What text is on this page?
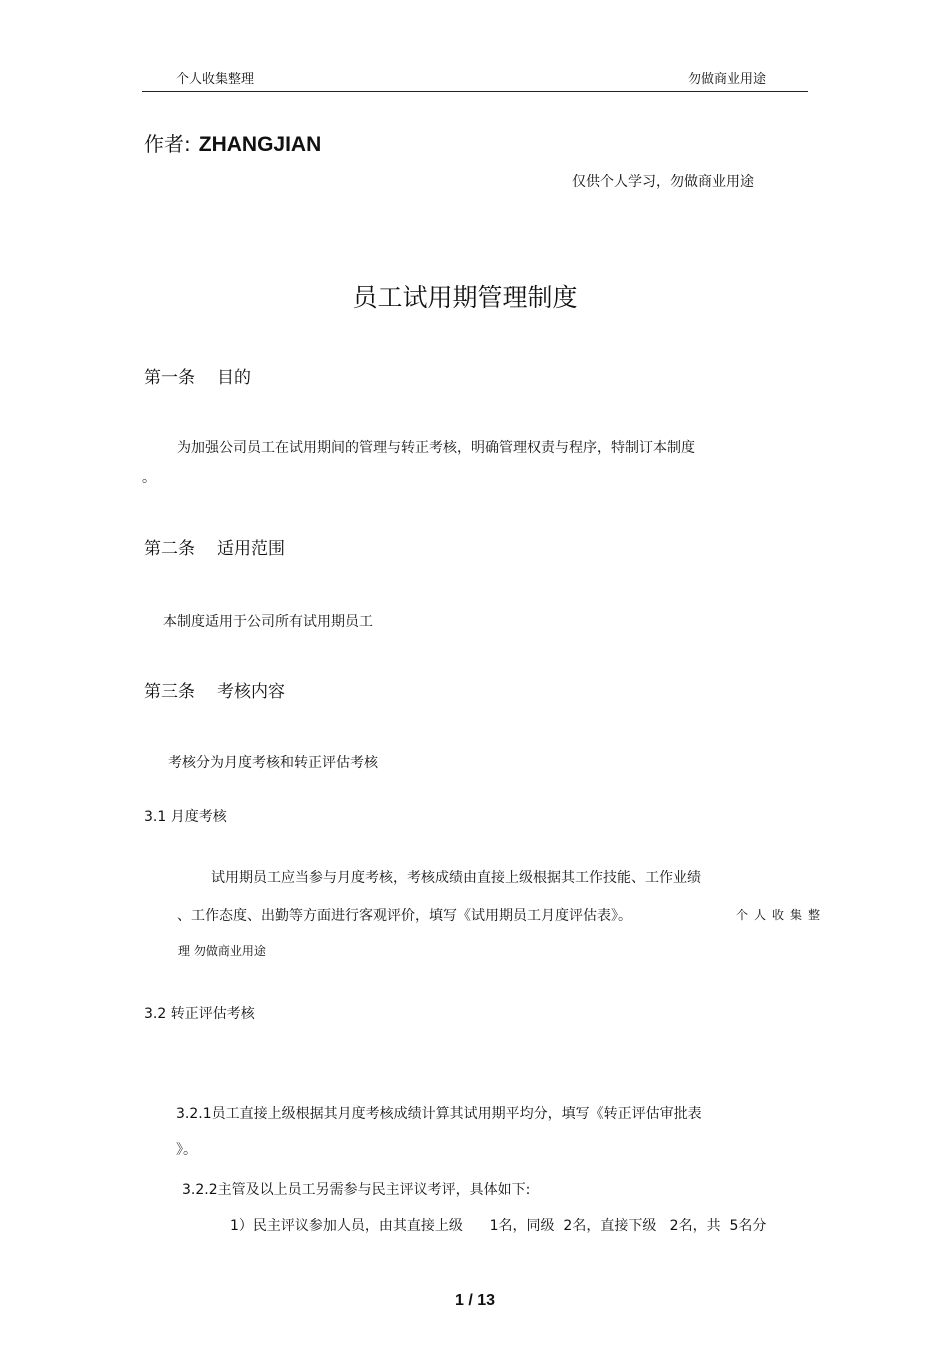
个人收集整理	勿做商业用途
作者: ZHANGJIAN
仅供个人学习，勿做商业用途
员工试用期管理制度
第一条 目的
为加强公司员工在试用期间的管理与转正考核，明确管理权责与程序，特制订本制度
。
第二条 适用范围
本制度适用于公司所有试用期员工
第三条 考核内容
考核分为月度考核和转正评估考核
3.1 月度考核
试用期员工应当参与月度考核，考核成绩由直接上级根据其工作技能、工作业绩
、工作态度、出勤等方面进行客观评价，填写《试用期员工月度评估表》。	个人收集整
理 勿做商业用途
3.2 转正评估考核
3.2.1员工直接上级根据其月度考核成绩计算其试用期平均分，填写《转正评估审批表
》。
3.2.2主管及以上员工另需参与民主评议考评，具体如下:
1）民主评议参加人员，由其直接上级      1名，同级  2名，直接下级   2名，共  5名分
1 / 13
